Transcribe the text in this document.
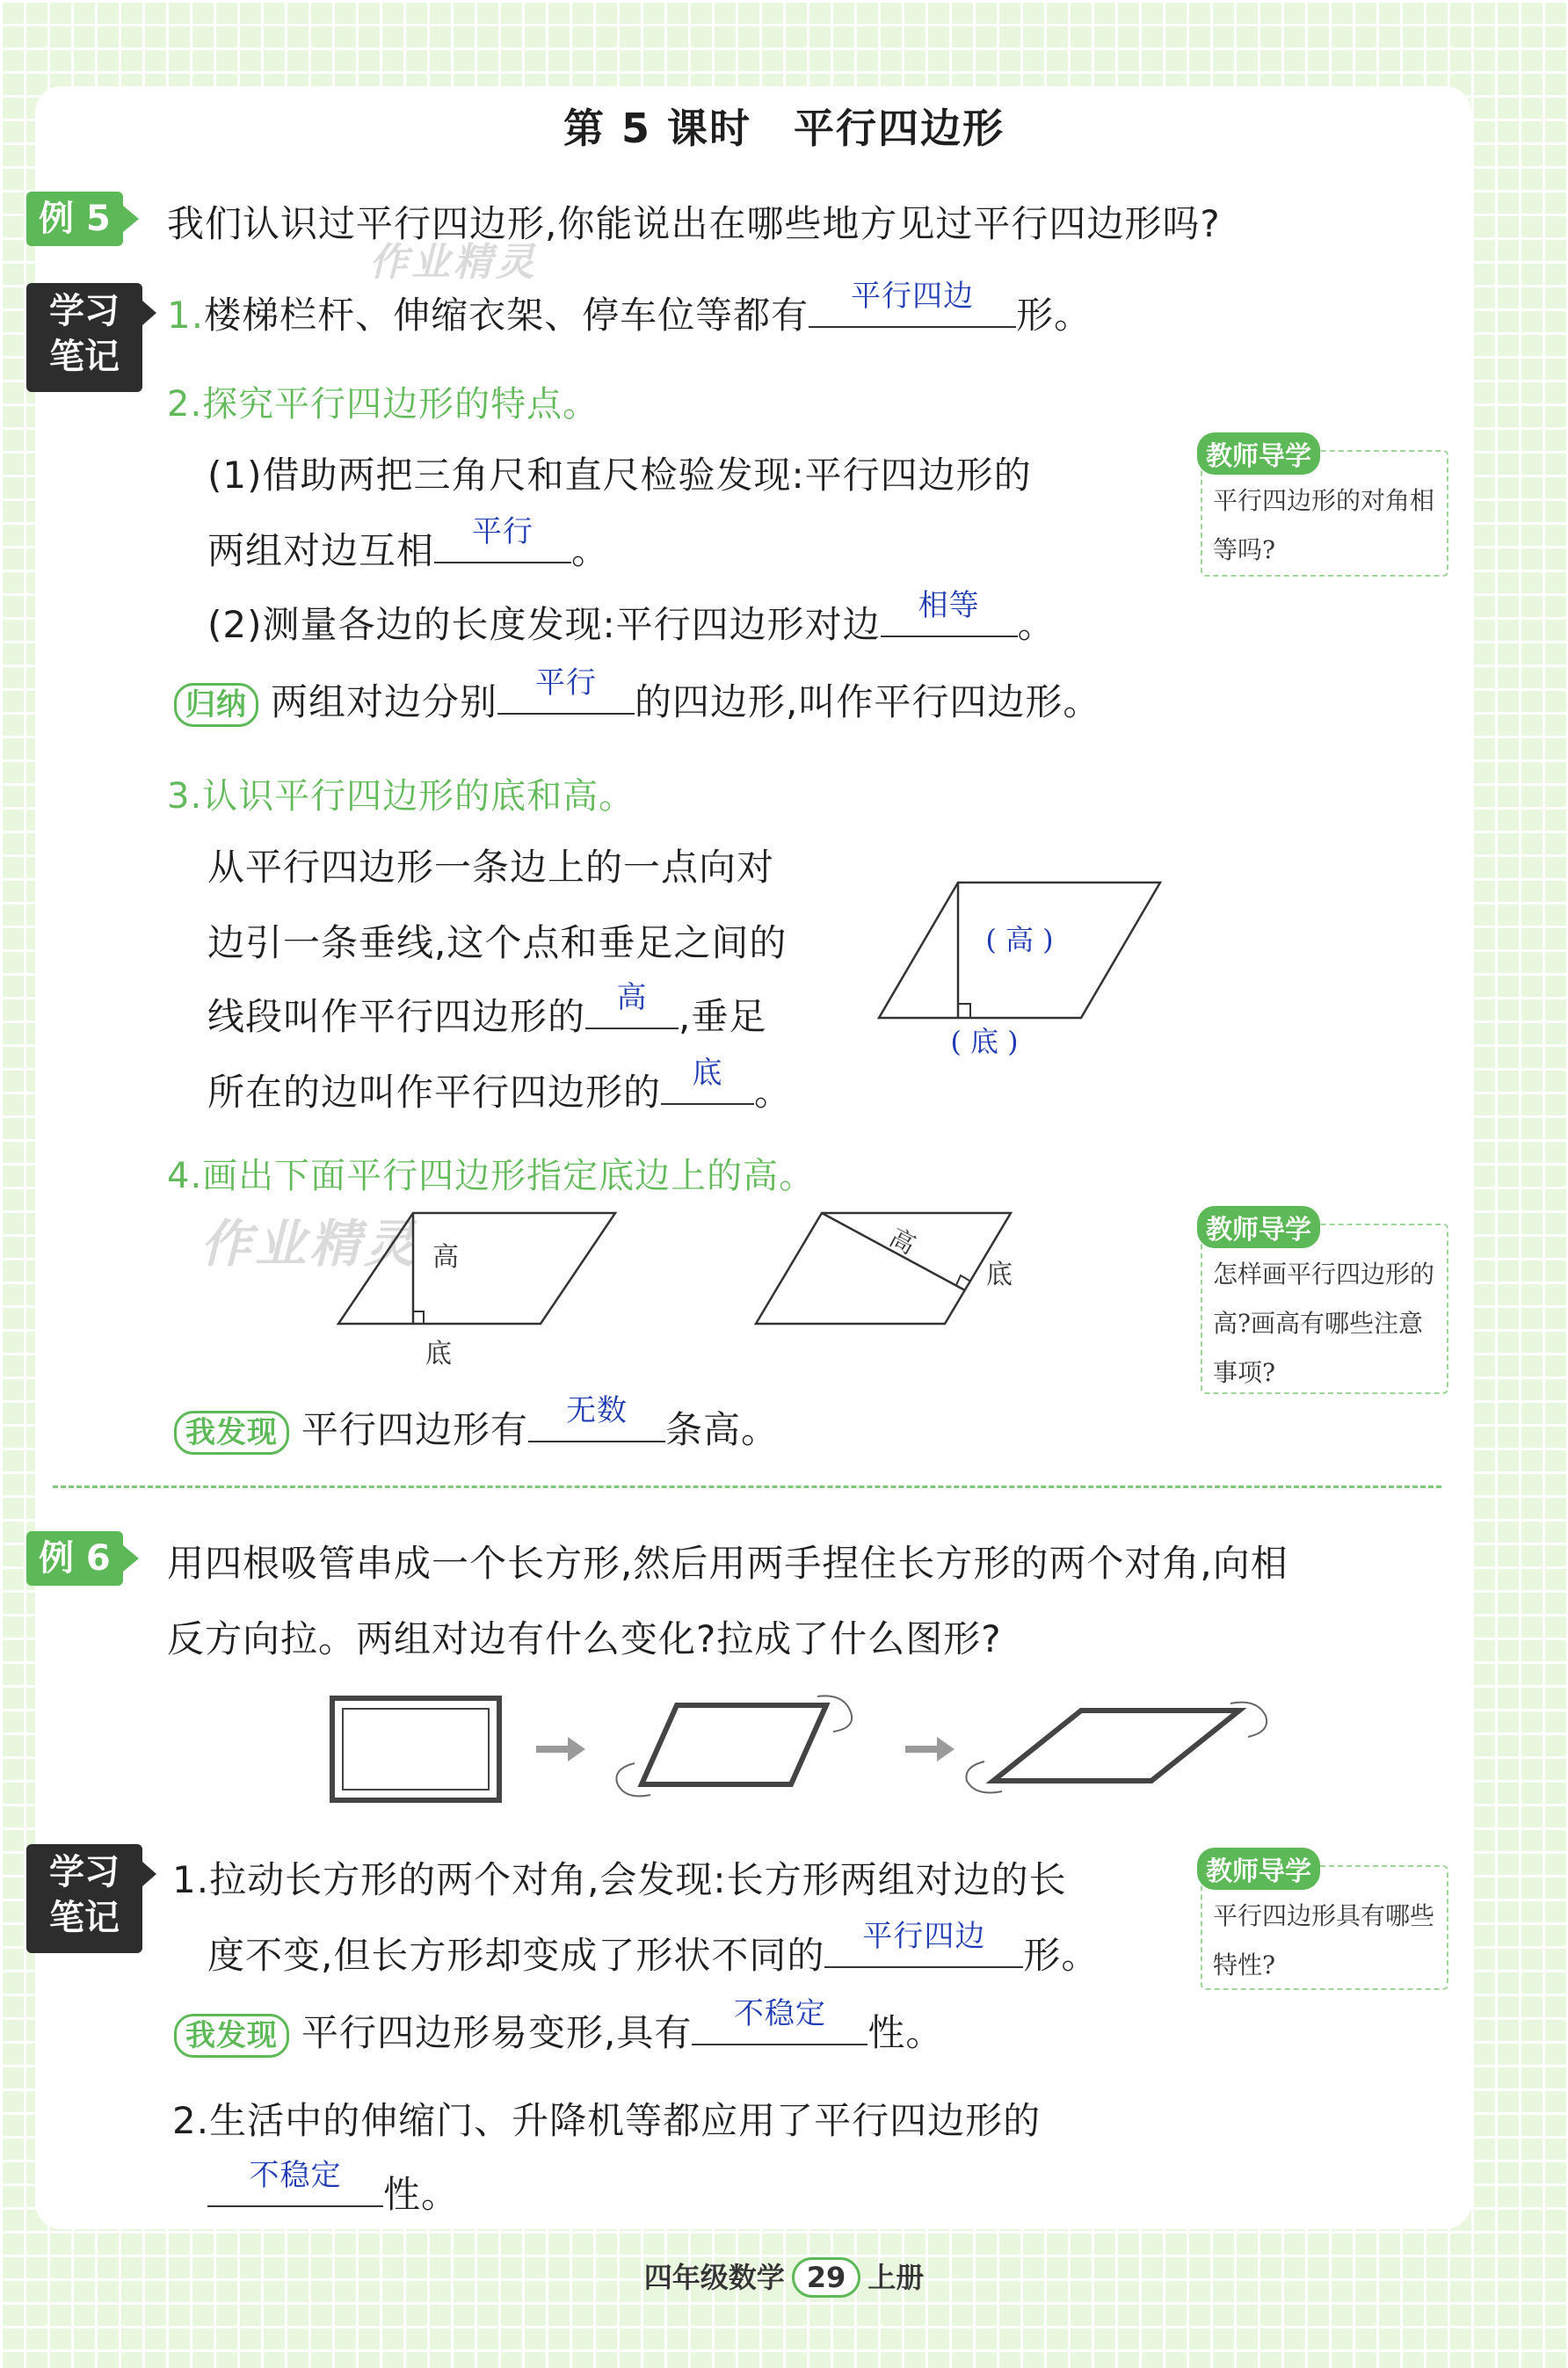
第 5 课时　平行四边形
作业精灵
作业精灵
例 5	我们认识过平行四边形,你能说出在哪些地方见过平行四边形吗?
学习
笔记
1.楼梯栏杆、伸缩衣架、停车位等都有	平行四边	形。
2.探究平行四边形的特点。
(1)借助两把三角尺和直尺检验发现:平行四边形的
两组对边互相	平行	。
(2)测量各边的长度发现:平行四边形对边	相等	。
归纳 两组对边分别	平行	的四边形,叫作平行四边形。
教师导学
平行四边形的对角相等吗?
3.认识平行四边形的底和高。
从平行四边形一条边上的一点向对
边引一条垂线,这个点和垂足之间的
线段叫作平行四边形的	高 ,垂足
所在的边叫作平行四边形的	底 。
( 高 )
( 底 )
4.画出下面平行四边形指定底边上的高。
高
底
高
底
教师导学
怎样画平行四边形的高?画高有哪些注意事项?
我发现 平行四边形有	无数	条高。
例 6	用四根吸管串成一个长方形,然后用两手捏住长方形的两个对角,向相
反方向拉。两组对边有什么变化?拉成了什么图形?
学习
笔记
1.拉动长方形的两个对角,会发现:长方形两组对边的长
度不变,但长方形却变成了形状不同的	平行四边	形。
我发现 平行四边形易变形,具有	不稳定	性。
2.生活中的伸缩门、升降机等都应用了平行四边形的
不稳定	性。
教师导学
平行四边形具有哪些特性?
四年级数学 29 上册
